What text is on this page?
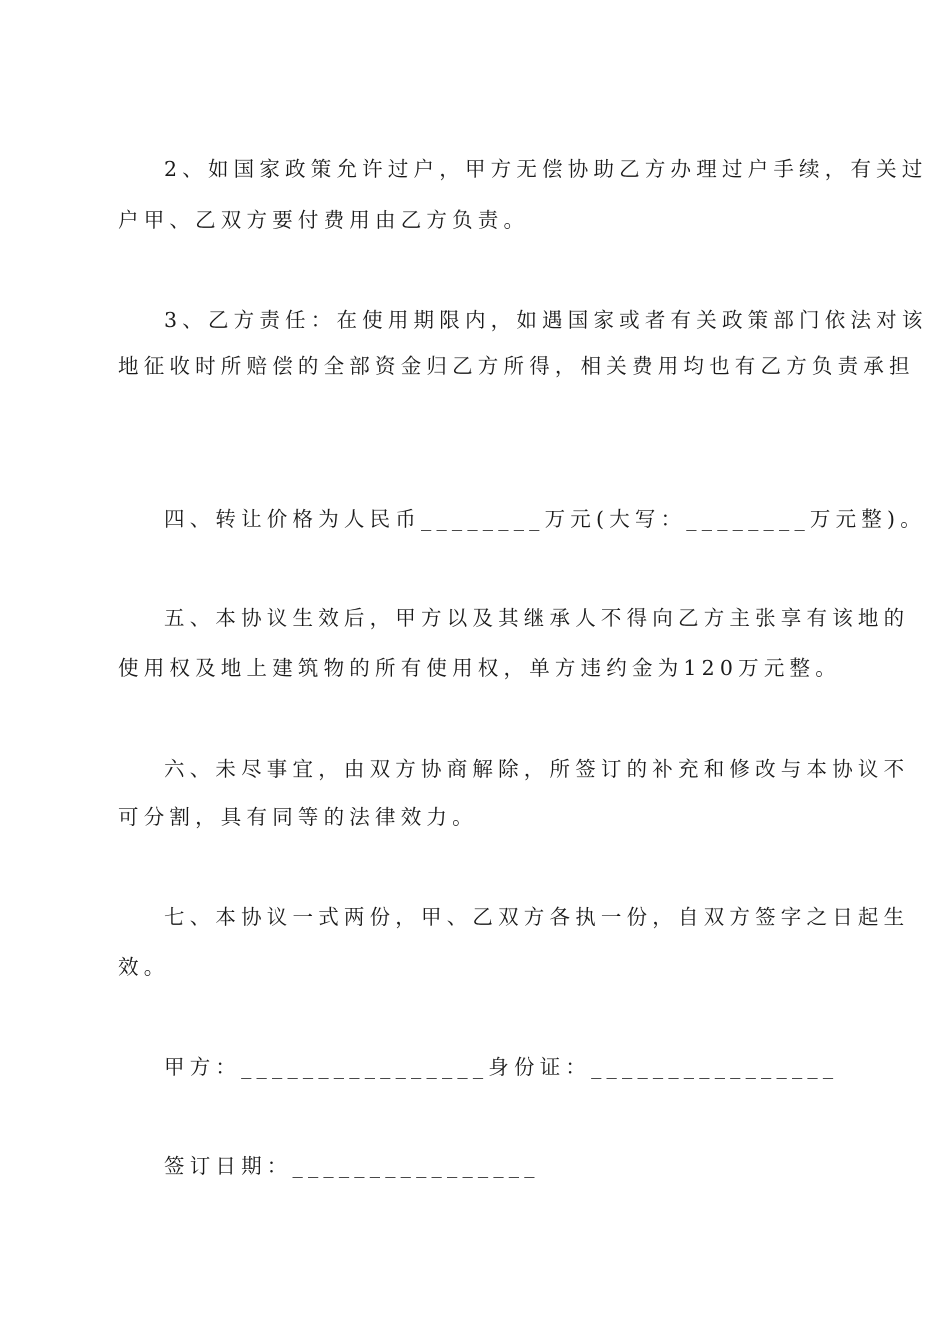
2、如国家政策允许过户，甲方无偿协助乙方办理过户手续，有关过
户甲、乙双方要付费用由乙方负责。
3、乙方责任：在使用期限内，如遇国家或者有关政策部门依法对该
地征收时所赔偿的全部资金归乙方所得，相关费用均也有乙方负责承担
四、转让价格为人民币________万元(大写：________万元整)。
五、本协议生效后，甲方以及其继承人不得向乙方主张享有该地的
使用权及地上建筑物的所有使用权，单方违约金为120万元整。
六、未尽事宜，由双方协商解除，所签订的补充和修改与本协议不
可分割，具有同等的法律效力。
七、本协议一式两份，甲、乙双方各执一份，自双方签字之日起生
效。
甲方：________________身份证：________________
签订日期：________________
